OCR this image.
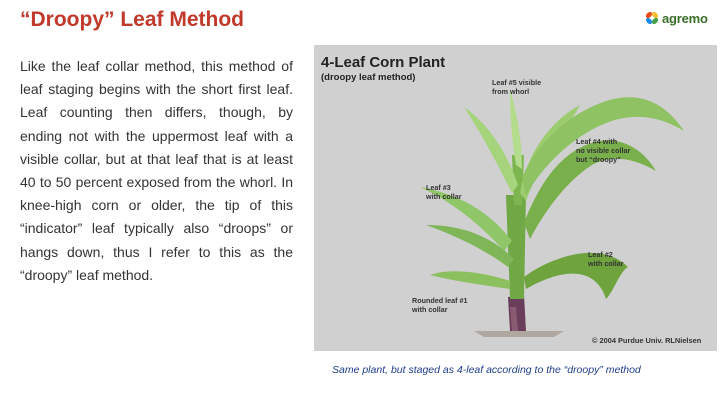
“Droopy” Leaf Method	agremo

Like the leaf collar method, this method of leaf staging begins with the short first leaf. Leaf counting then differs, though, by ending not with the uppermost leaf with a visible collar, but at that leaf that is at least 40 to 50 percent exposed from the whorl. In knee-high corn or older, the tip of this “indicator” leaf typically also “droops” or hangs down, thus I refer to this as the “droopy” leaf method.

4-Leaf Corn Plant
(droopy leaf method)	Leaf #5 visible
from whorl
Leaf #4 with
no visible collar
but “droopy”
Leaf #3
with collar
Leaf #2
with collar
Rounded leaf #1
with collar
© 2004 Purdue Univ. RLNielsen
Same plant, but staged as 4-leaf according to the “droopy” method
